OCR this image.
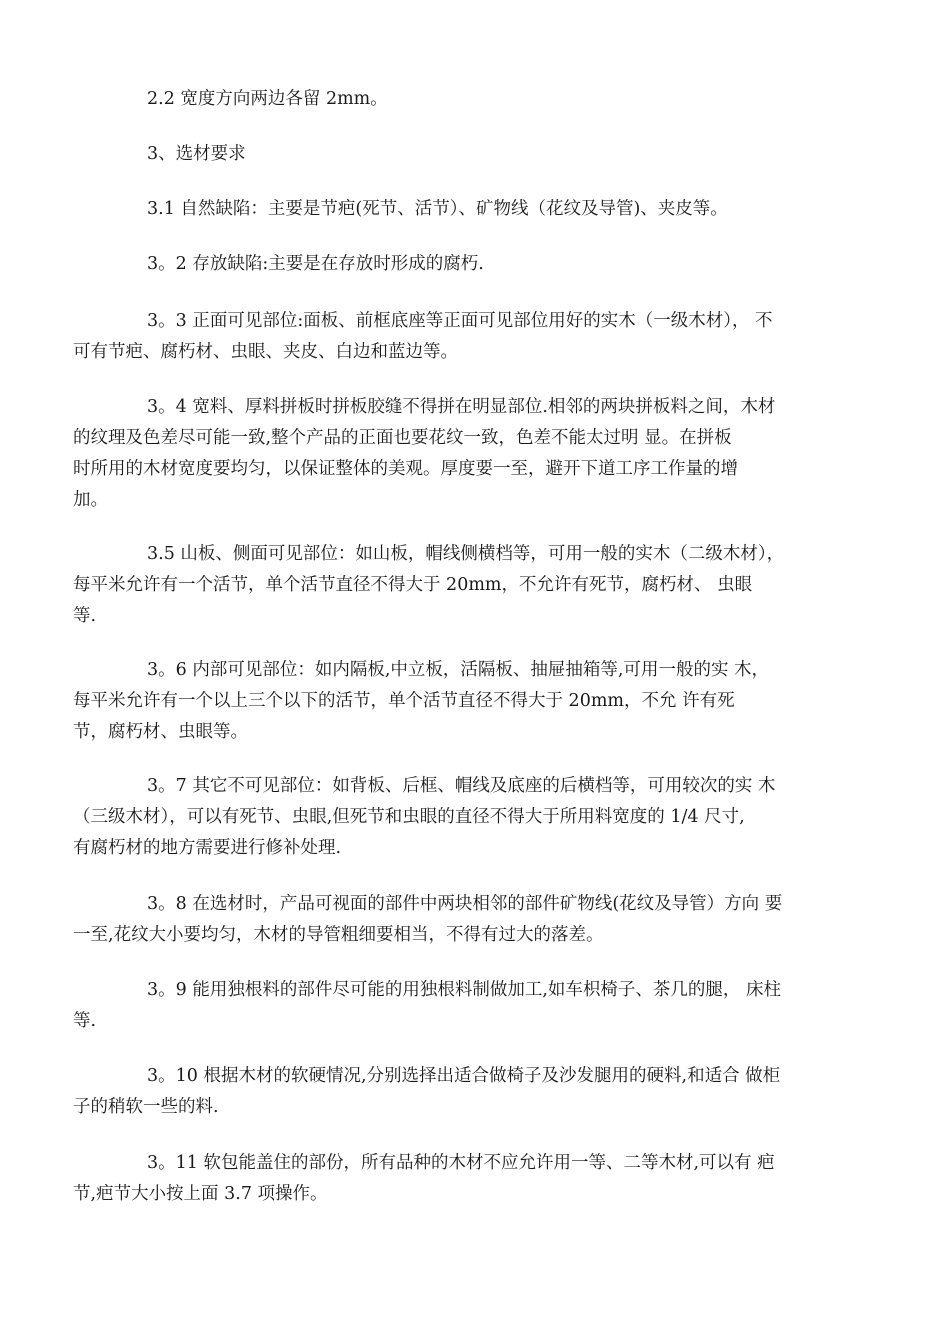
2.2 宽度方向两边各留 2mm。

3、选材要求

3.1 自然缺陷：主要是节疤(死节、活节）、矿物线（花纹及导管)、夹皮等。

3。2 存放缺陷:主要是在存放时形成的腐朽.

3。3 正面可见部位:面板、前框底座等正面可见部位用好的实木（一级木材）， 不
可有节疤、腐朽材、虫眼、夹皮、白边和蓝边等。

3。4 宽料、厚料拼板时拼板胶缝不得拼在明显部位.相邻的两块拼板料之间，木材
的纹理及色差尽可能一致,整个产品的正面也要花纹一致，色差不能太过明 显。在拼板
时所用的木材宽度要均匀，以保证整体的美观。厚度要一至，避开下道工序工作量的增
加。

3.5 山板、侧面可见部位：如山板，帽线侧横档等，可用一般的实木（二级木材），
每平米允许有一个活节，单个活节直径不得大于 20mm，不允许有死节，腐朽材、 虫眼
等.

3。6 内部可见部位：如内隔板,中立板，活隔板、抽屉抽箱等,可用一般的实 木，
每平米允许有一个以上三个以下的活节，单个活节直径不得大于 20mm，不允 许有死
节，腐朽材、虫眼等。

3。7 其它不可见部位：如背板、后框、帽线及底座的后横档等，可用较次的实 木
（三级木材），可以有死节、虫眼,但死节和虫眼的直径不得大于所用料宽度的 1/4 尺寸,
有腐朽材的地方需要进行修补处理.

3。8 在选材时，产品可视面的部件中两块相邻的部件矿物线(花纹及导管）方向 要
一至,花纹大小要均匀，木材的导管粗细要相当，不得有过大的落差。

3。9 能用独根料的部件尽可能的用独根料制做加工,如车枳椅子、茶几的腿， 床柱
等.

3。10 根据木材的软硬情况,分别选择出适合做椅子及沙发腿用的硬料,和适合 做柜
子的稍软一些的料.

3。11 软包能盖住的部份，所有品种的木材不应允许用一等、二等木材,可以有 疤
节,疤节大小按上面 3.7 项操作。
